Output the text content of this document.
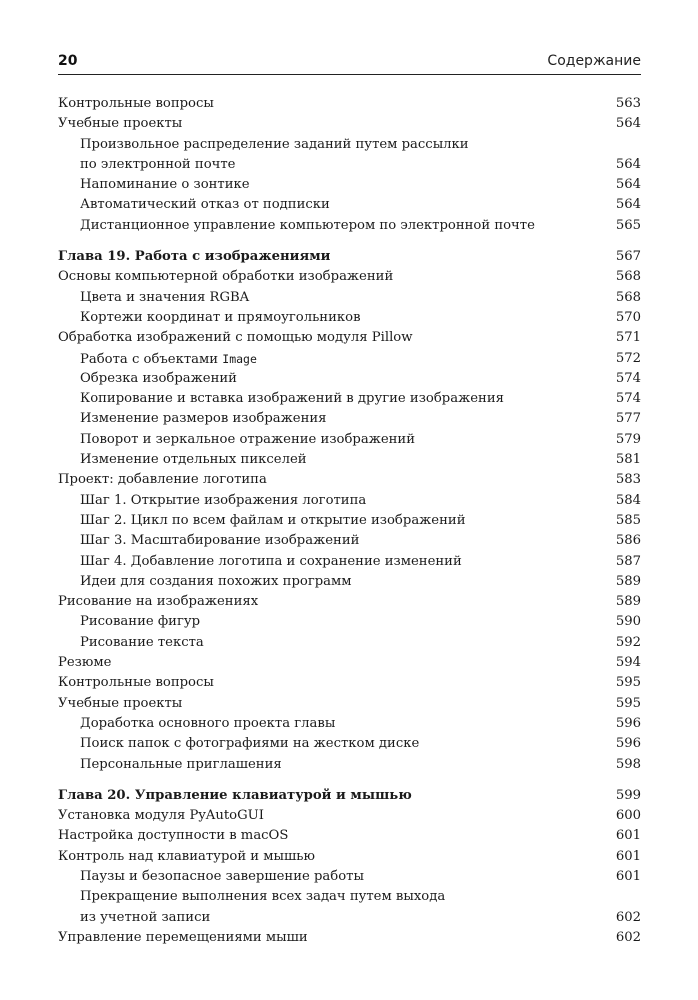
20	Содержание
Контрольные вопросы	563
Учебные проекты	564
Произвольное распределение заданий путем рассылки
по электронной почте	564
Напоминание о зонтике	564
Автоматический отказ от подписки	564
Дистанционное управление компьютером по электронной почте	565
Глава 19. Работа с изображениями	567
Основы компьютерной обработки изображений	568
Цвета и значения RGBA	568
Кортежи координат и прямоугольников	570
Обработка изображений с помощью модуля Pillow	571
Работа с объектами Image	572
Обрезка изображений	574
Копирование и вставка изображений в другие изображения	574
Изменение размеров изображения	577
Поворот и зеркальное отражение изображений	579
Изменение отдельных пикселей	581
Проект: добавление логотипа	583
Шаг 1. Открытие изображения логотипа	584
Шаг 2. Цикл по всем файлам и открытие изображений	585
Шаг 3. Масштабирование изображений	586
Шаг 4. Добавление логотипа и сохранение изменений	587
Идеи для создания похожих программ	589
Рисование на изображениях	589
Рисование фигур	590
Рисование текста	592
Резюме	594
Контрольные вопросы	595
Учебные проекты	595
Доработка основного проекта главы	596
Поиск папок с фотографиями на жестком диске	596
Персональные приглашения	598
Глава 20. Управление клавиатурой и мышью	599
Установка модуля PyAutoGUI	600
Настройка доступности в macOS	601
Контроль над клавиатурой и мышью	601
Паузы и безопасное завершение работы	601
Прекращение выполнения всех задач путем выхода
из учетной записи	602
Управление перемещениями мыши	602
